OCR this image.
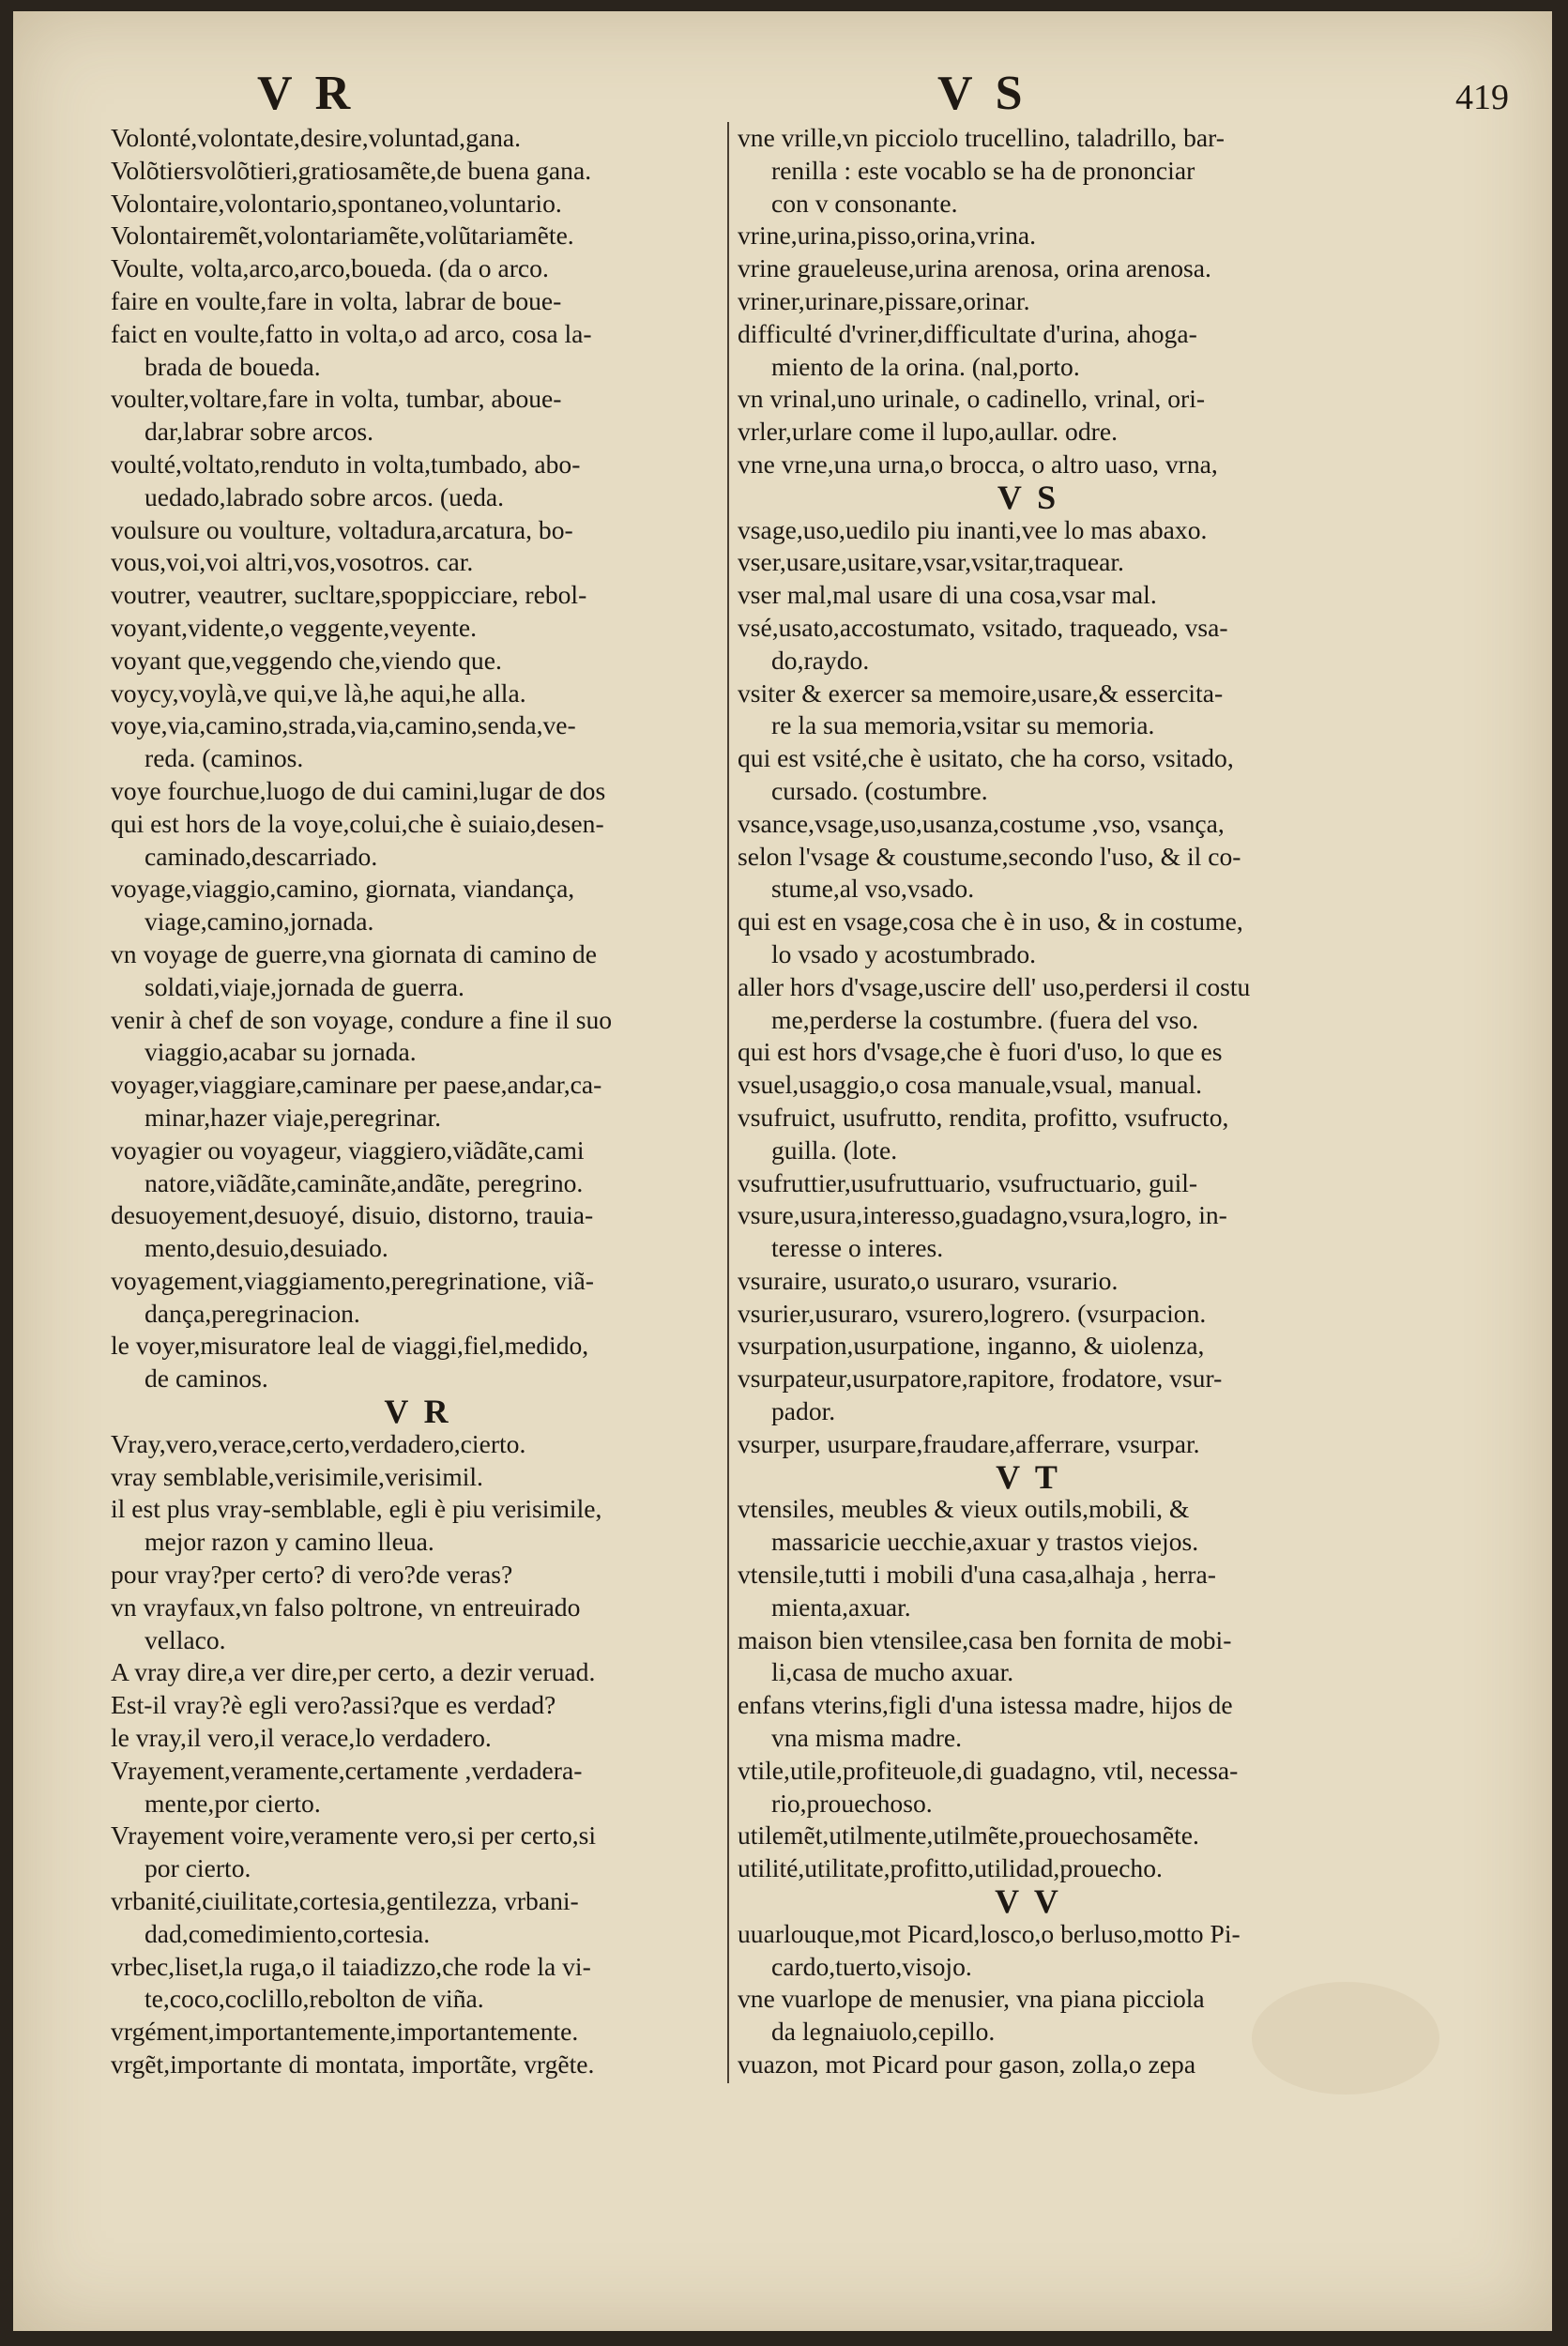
V R	V S	419
Volonté,volontate,desire,voluntad,gana.
Volõtiersvolõtieri,gratiosamẽte,de buena gana.
Volontaire,volontario,spontaneo,voluntario.
Volontairemẽt,volontariamẽte,volũtariamẽte.
Voulte, volta,arco,arco,boueda. (da o arco.
faire en voulte,fare in volta, labrar de boue-
faict en voulte,fatto in volta,o ad arco, cosa la-
brada de boueda.
voulter,voltare,fare in volta, tumbar, aboue-
dar,labrar sobre arcos.
voulté,voltato,renduto in volta,tumbado, abo-
uedado,labrado sobre arcos. (ueda.
voulsure ou voulture, voltadura,arcatura, bo-
vous,voi,voi altri,vos,vosotros. car.
voutrer, veautrer, sucltare,spoppicciare, rebol-
voyant,vidente,o veggente,veyente.
voyant que,veggendo che,viendo que.
voycy,voylà,ve qui,ve là,he aqui,he alla.
voye,via,camino,strada,via,camino,senda,ve-
reda. (caminos.
voye fourchue,luogo de dui camini,lugar de dos
qui est hors de la voye,colui,che è suiaio,desen-
caminado,descarriado.
voyage,viaggio,camino, giornata, viandança,
viage,camino,jornada.
vn voyage de guerre,vna giornata di camino de
soldati,viaje,jornada de guerra.
venir à chef de son voyage, condure a fine il suo
viaggio,acabar su jornada.
voyager,viaggiare,caminare per paese,andar,ca-
minar,hazer viaje,peregrinar.
voyagier ou voyageur, viaggiero,viãdãte,cami
natore,viãdãte,caminãte,andãte, peregrino.
desuoyement,desuoyé, disuio, distorno, trauia-
mento,desuio,desuiado.
voyagement,viaggiamento,peregrinatione, viã-
dança,peregrinacion.
le voyer,misuratore leal de viaggi,fiel,medido,
de caminos.
V R
Vray,vero,verace,certo,verdadero,cierto.
vray semblable,verisimile,verisimil.
il est plus vray-semblable, egli è piu verisimile,
mejor razon y camino lleua.
pour vray?per certo? di vero?de veras?
vn vrayfaux,vn falso poltrone, vn entreuirado
vellaco.
A vray dire,a ver dire,per certo, a dezir veruad.
Est-il vray?è egli vero?assi?que es verdad?
le vray,il vero,il verace,lo verdadero.
Vrayement,veramente,certamente ,verdadera-
mente,por cierto.
Vrayement voire,veramente vero,si per certo,si
por cierto.
vrbanité,ciuilitate,cortesia,gentilezza, vrbani-
dad,comedimiento,cortesia.
vrbec,liset,la ruga,o il taiadizzo,che rode la vi-
te,coco,coclillo,rebolton de viña.
vrgément,importantemente,importantemente.
vrgẽt,importante di montata, importãte, vrgẽte.
vne vrille,vn picciolo trucellino, taladrillo, bar-
renilla : este vocablo se ha de prononciar
con v consonante.
vrine,urina,pisso,orina,vrina.
vrine graueleuse,urina arenosa, orina arenosa.
vriner,urinare,pissare,orinar.
difficulté d'vriner,difficultate d'urina, ahoga-
miento de la orina. (nal,porto.
vn vrinal,uno urinale, o cadinello, vrinal, ori-
vrler,urlare come il lupo,aullar. odre.
vne vrne,una urna,o brocca, o altro uaso, vrna,
V S
vsage,uso,uedilo piu inanti,vee lo mas abaxo.
vser,usare,usitare,vsar,vsitar,traquear.
vser mal,mal usare di una cosa,vsar mal.
vsé,usato,accostumato, vsitado, traqueado, vsa-
do,raydo.
vsiter & exercer sa memoire,usare,& essercita-
re la sua memoria,vsitar su memoria.
qui est vsité,che è usitato, che ha corso, vsitado,
cursado. (costumbre.
vsance,vsage,uso,usanza,costume ,vso, vsança,
selon l'vsage & coustume,secondo l'uso, & il co-
stume,al vso,vsado.
qui est en vsage,cosa che è in uso, & in costume,
lo vsado y acostumbrado.
aller hors d'vsage,uscire dell' uso,perdersi il costu
me,perderse la costumbre. (fuera del vso.
qui est hors d'vsage,che è fuori d'uso, lo que es
vsuel,usaggio,o cosa manuale,vsual, manual.
vsufruict, usufrutto, rendita, profitto, vsufructo,
guilla. (lote.
vsufruttier,usufruttuario, vsufructuario, guil-
vsure,usura,interesso,guadagno,vsura,logro, in-
teresse o interes.
vsuraire, usurato,o usuraro, vsurario.
vsurier,usuraro, vsurero,logrero. (vsurpacion.
vsurpation,usurpatione, inganno, & uiolenza,
vsurpateur,usurpatore,rapitore, frodatore, vsur-
pador.
vsurper, usurpare,fraudare,afferrare, vsurpar.
V T
vtensiles, meubles & vieux outils,mobili, &
massaricie uecchie,axuar y trastos viejos.
vtensile,tutti i mobili d'una casa,alhaja , herra-
mienta,axuar.
maison bien vtensilee,casa ben fornita de mobi-
li,casa de mucho axuar.
enfans vterins,figli d'una istessa madre, hijos de
vna misma madre.
vtile,utile,profiteuole,di guadagno, vtil, necessa-
rio,prouechoso.
utilemẽt,utilmente,utilmẽte,prouechosamẽte.
utilité,utilitate,profitto,utilidad,prouecho.
V V
uuarlouque,mot Picard,losco,o berluso,motto Pi-
cardo,tuerto,visojo.
vne vuarlope de menusier, vna piana picciola
da legnaiuolo,cepillo.
vuazon, mot Picard pour gason, zolla,o zepa
